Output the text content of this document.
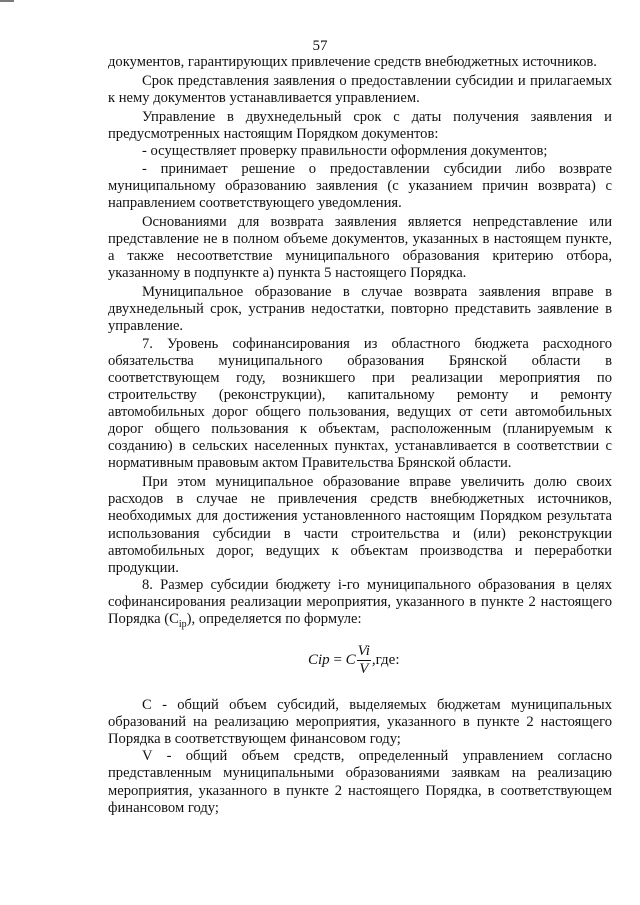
57

документов, гарантирующих привлечение средств внебюджетных источников.

Срок представления заявления о предоставлении субсидии и прилагаемых к нему документов устанавливается управлением.

Управление в двухнедельный срок с даты получения заявления и предусмотренных настоящим Порядком документов:

- осуществляет проверку правильности оформления документов;

- принимает решение о предоставлении субсидии либо возврате муниципальному образованию заявления (с указанием причин возврата) с направлением соответствующего уведомления.

Основаниями для возврата заявления является непредставление или представление не в полном объеме документов, указанных в настоящем пункте, а также несоответствие муниципального образования критерию отбора, указанному в подпункте а) пункта 5 настоящего Порядка.

Муниципальное образование в случае возврата заявления вправе в двухнедельный срок, устранив недостатки, повторно представить заявление в управление.

7. Уровень софинансирования из областного бюджета расходного обязательства муниципального образования Брянской области в соответствующем году, возникшего при реализации мероприятия по строительству (реконструкции), капитальному ремонту и ремонту автомобильных дорог общего пользования, ведущих от сети автомобильных дорог общего пользования к объектам, расположенным (планируемым к созданию) в сельских населенных пунктах, устанавливается в соответствии с нормативным правовым актом Правительства Брянской области.

При этом муниципальное образование вправе увеличить долю своих расходов в случае не привлечения средств внебюджетных источников, необходимых для достижения установленного настоящим Порядком результата использования субсидии в части строительства и (или) реконструкции автомобильных дорог, ведущих к объектам производства и переработки продукции.

8. Размер субсидии бюджету i-го муниципального образования в целях софинансирования реализации мероприятия, указанного в пункте 2 настоящего Порядка $(С_{ip})$, определяется по формуле:

Cip = C $\frac{Vi}{V} ,где$:

С - общий объем субсидий, выделяемых бюджетам муниципальных образований на реализацию мероприятия, указанного в пункте 2 настоящего Порядка в соответствующем финансовом году;

V - общий объем средств, определенный управлением согласно представленным муниципальными образованиями заявкам на реализацию мероприятия, указанного в пункте 2 настоящего Порядка, в соответствующем финансовом году;
